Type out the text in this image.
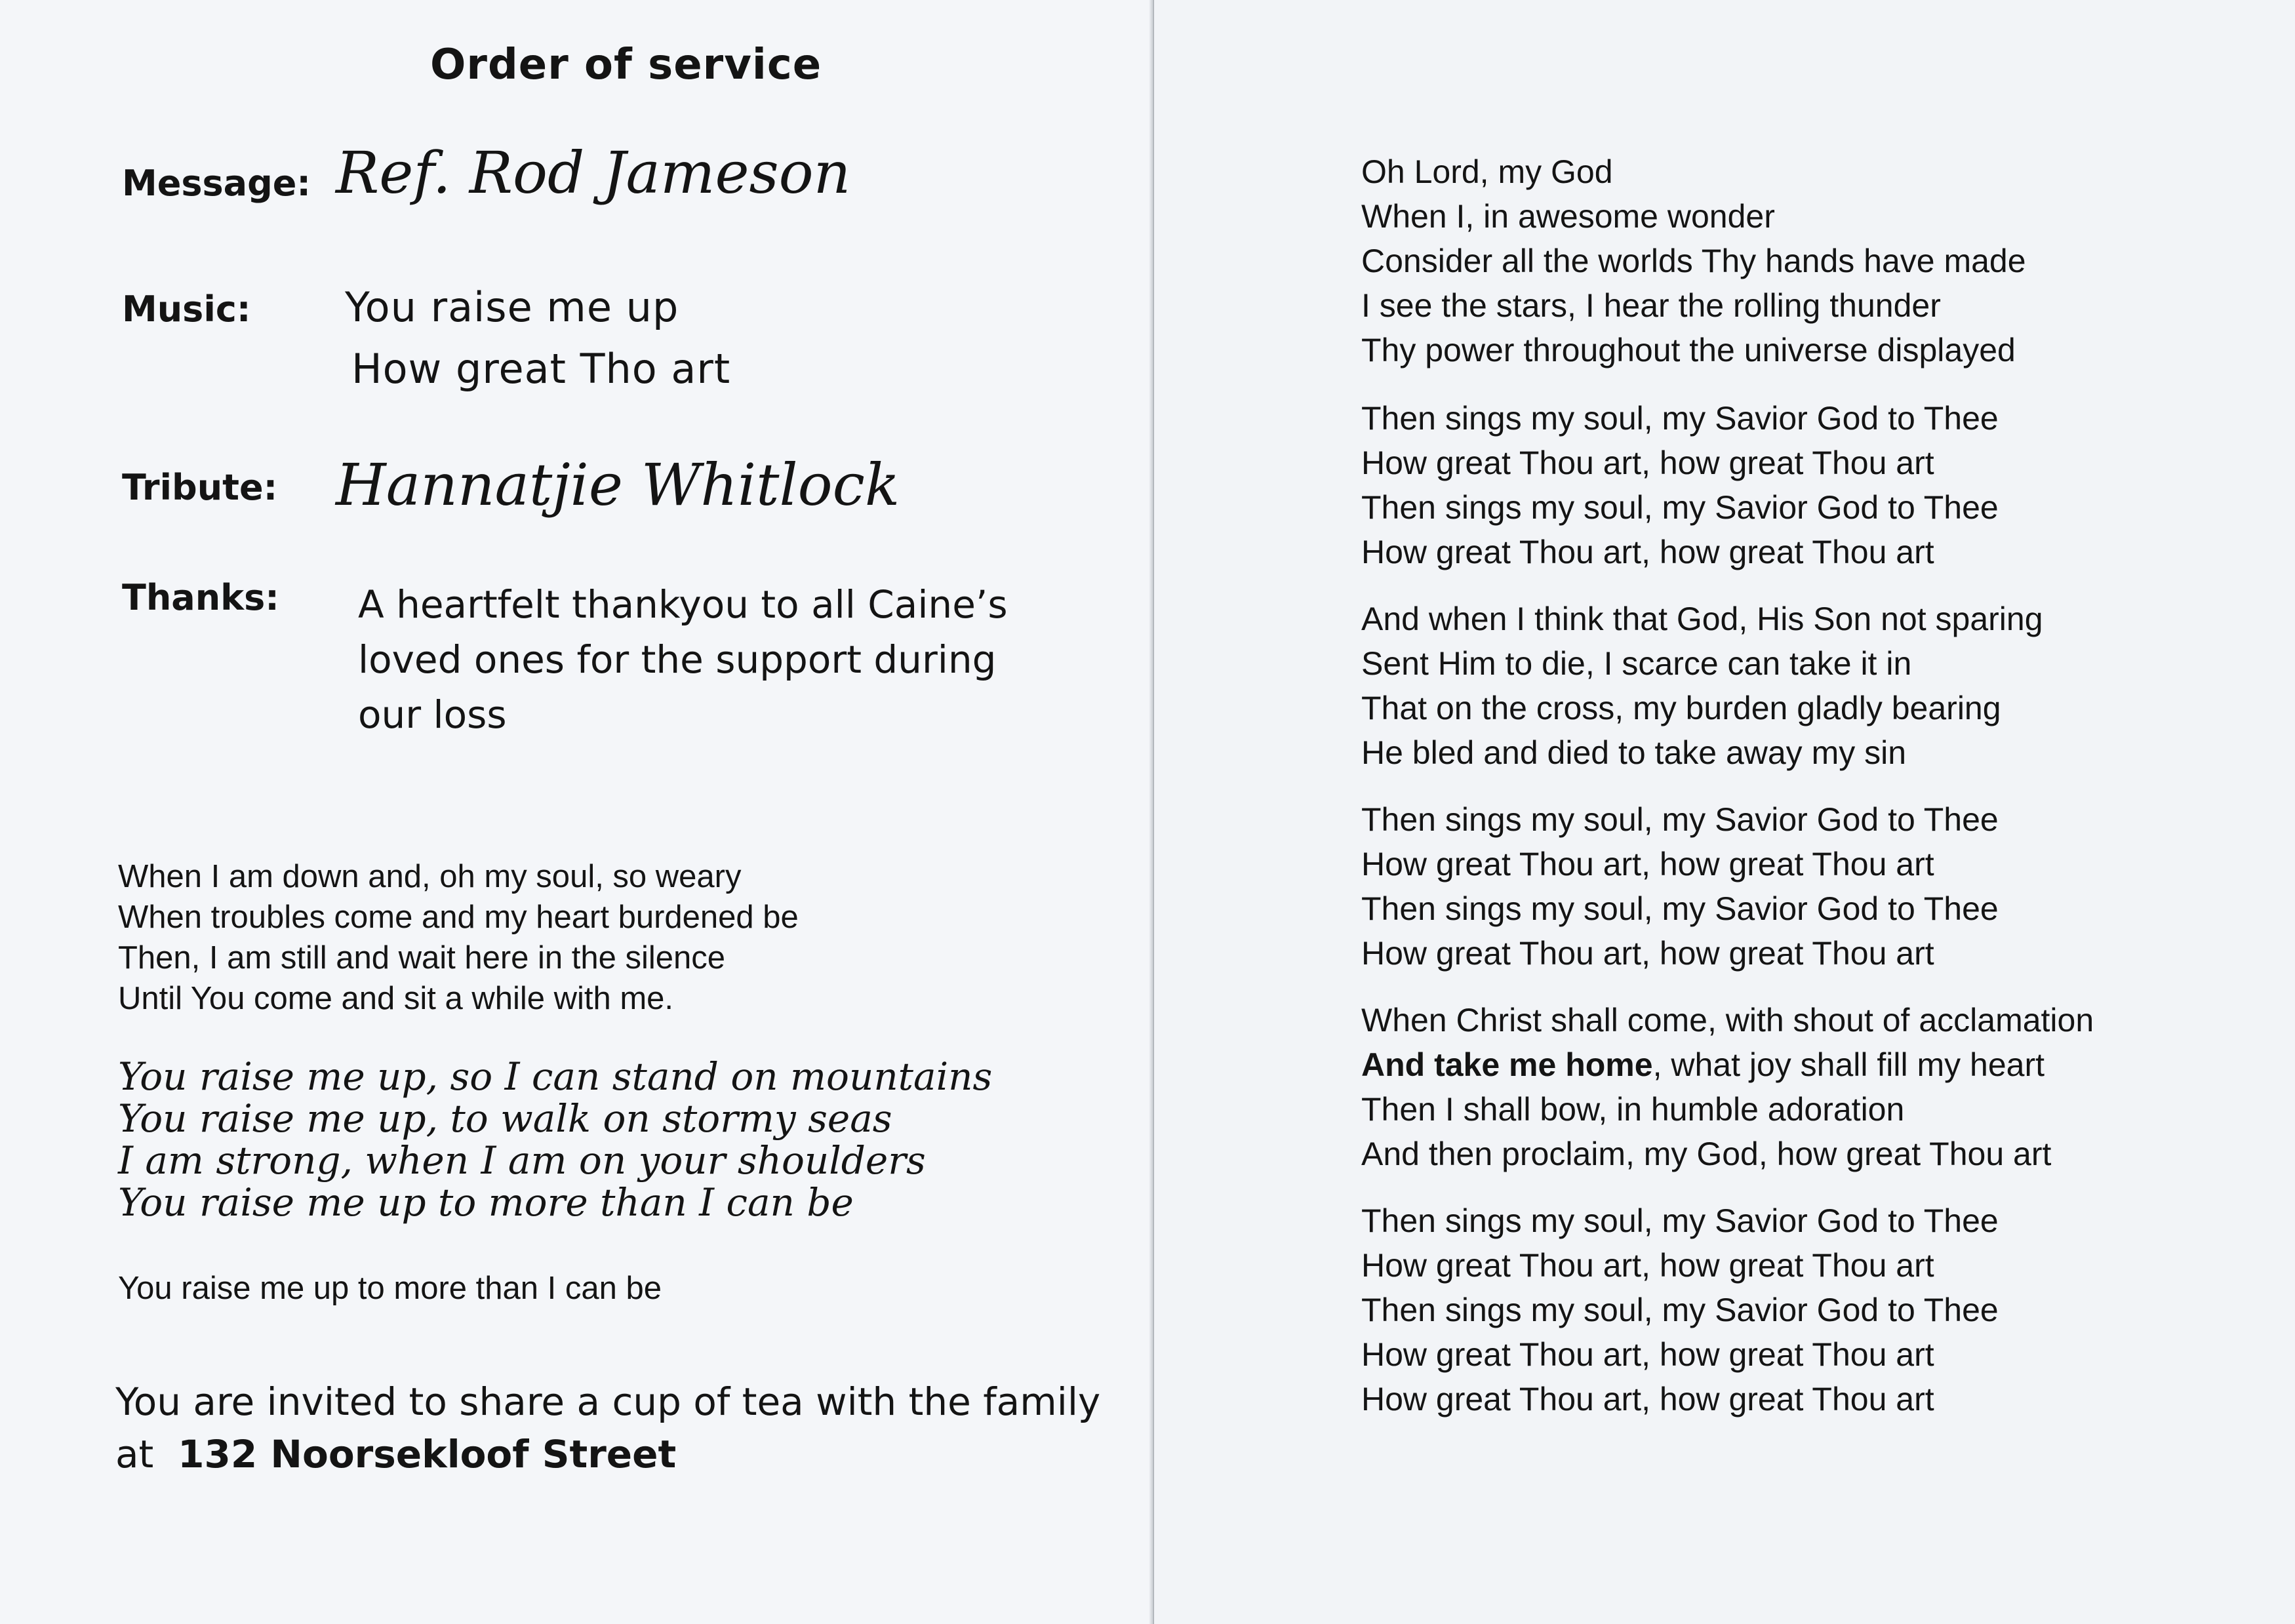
Order of service
Message: Ref. Rod Jameson
Music: You raise me up
How great Tho art
Tribute: Hannatjie Whitlock
Thanks: A heartfelt thankyou to all Caine’s
loved ones for the support during
our loss
When I am down and, oh my soul, so weary
When troubles come and my heart burdened be
Then, I am still and wait here in the silence
Until You come and sit a while with me.
You raise me up, so I can stand on mountains
You raise me up, to walk on stormy seas
I am strong, when I am on your shoulders
You raise me up to more than I can be
You raise me up to more than I can be
You are invited to share a cup of tea with the family
at 132 Noorsekloof Street
Oh Lord, my God
When I, in awesome wonder
Consider all the worlds Thy hands have made
I see the stars, I hear the rolling thunder
Thy power throughout the universe displayed
Then sings my soul, my Savior God to Thee
How great Thou art, how great Thou art
Then sings my soul, my Savior God to Thee
How great Thou art, how great Thou art
And when I think that God, His Son not sparing
Sent Him to die, I scarce can take it in
That on the cross, my burden gladly bearing
He bled and died to take away my sin
Then sings my soul, my Savior God to Thee
How great Thou art, how great Thou art
Then sings my soul, my Savior God to Thee
How great Thou art, how great Thou art
When Christ shall come, with shout of acclamation
And take me home, what joy shall fill my heart
Then I shall bow, in humble adoration
And then proclaim, my God, how great Thou art
Then sings my soul, my Savior God to Thee
How great Thou art, how great Thou art
Then sings my soul, my Savior God to Thee
How great Thou art, how great Thou art
How great Thou art, how great Thou art
